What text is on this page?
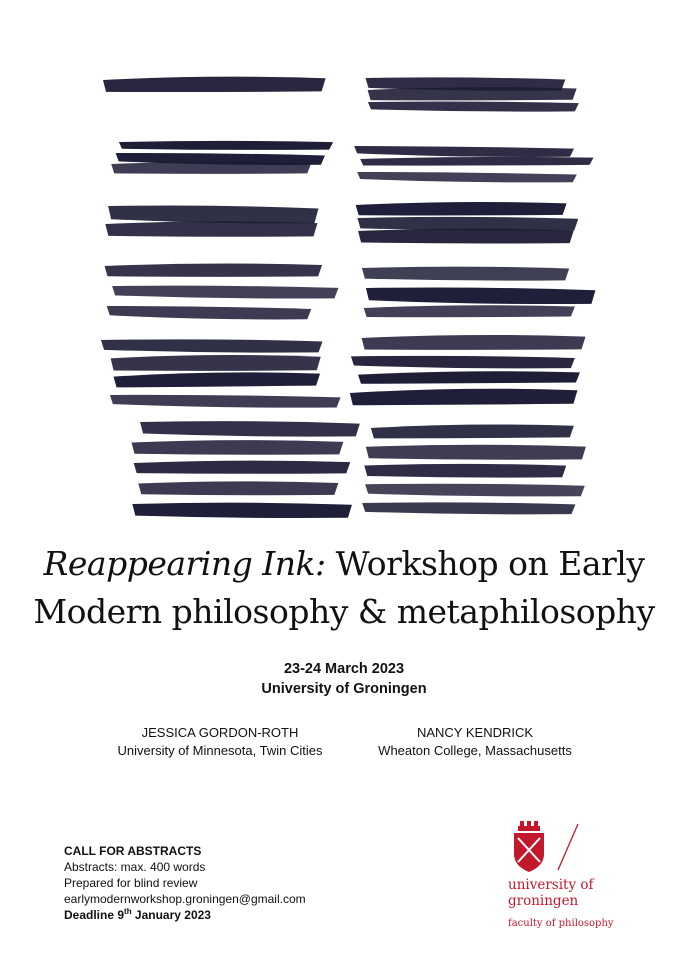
Reappearing Ink: Workshop on Early
Modern philosophy & metaphilosophy
23-24 March 2023
University of Groningen
JESSICA GORDON-ROTH
University of Minnesota, Twin Cities
NANCY KENDRICK
Wheaton College, Massachusetts
CALL FOR ABSTRACTS
Abstracts: max. 400 words
Prepared for blind review
earlymodernworkshop.groningen@gmail.com
Deadline 9th January 2023
university of
groningen
faculty of philosophy
